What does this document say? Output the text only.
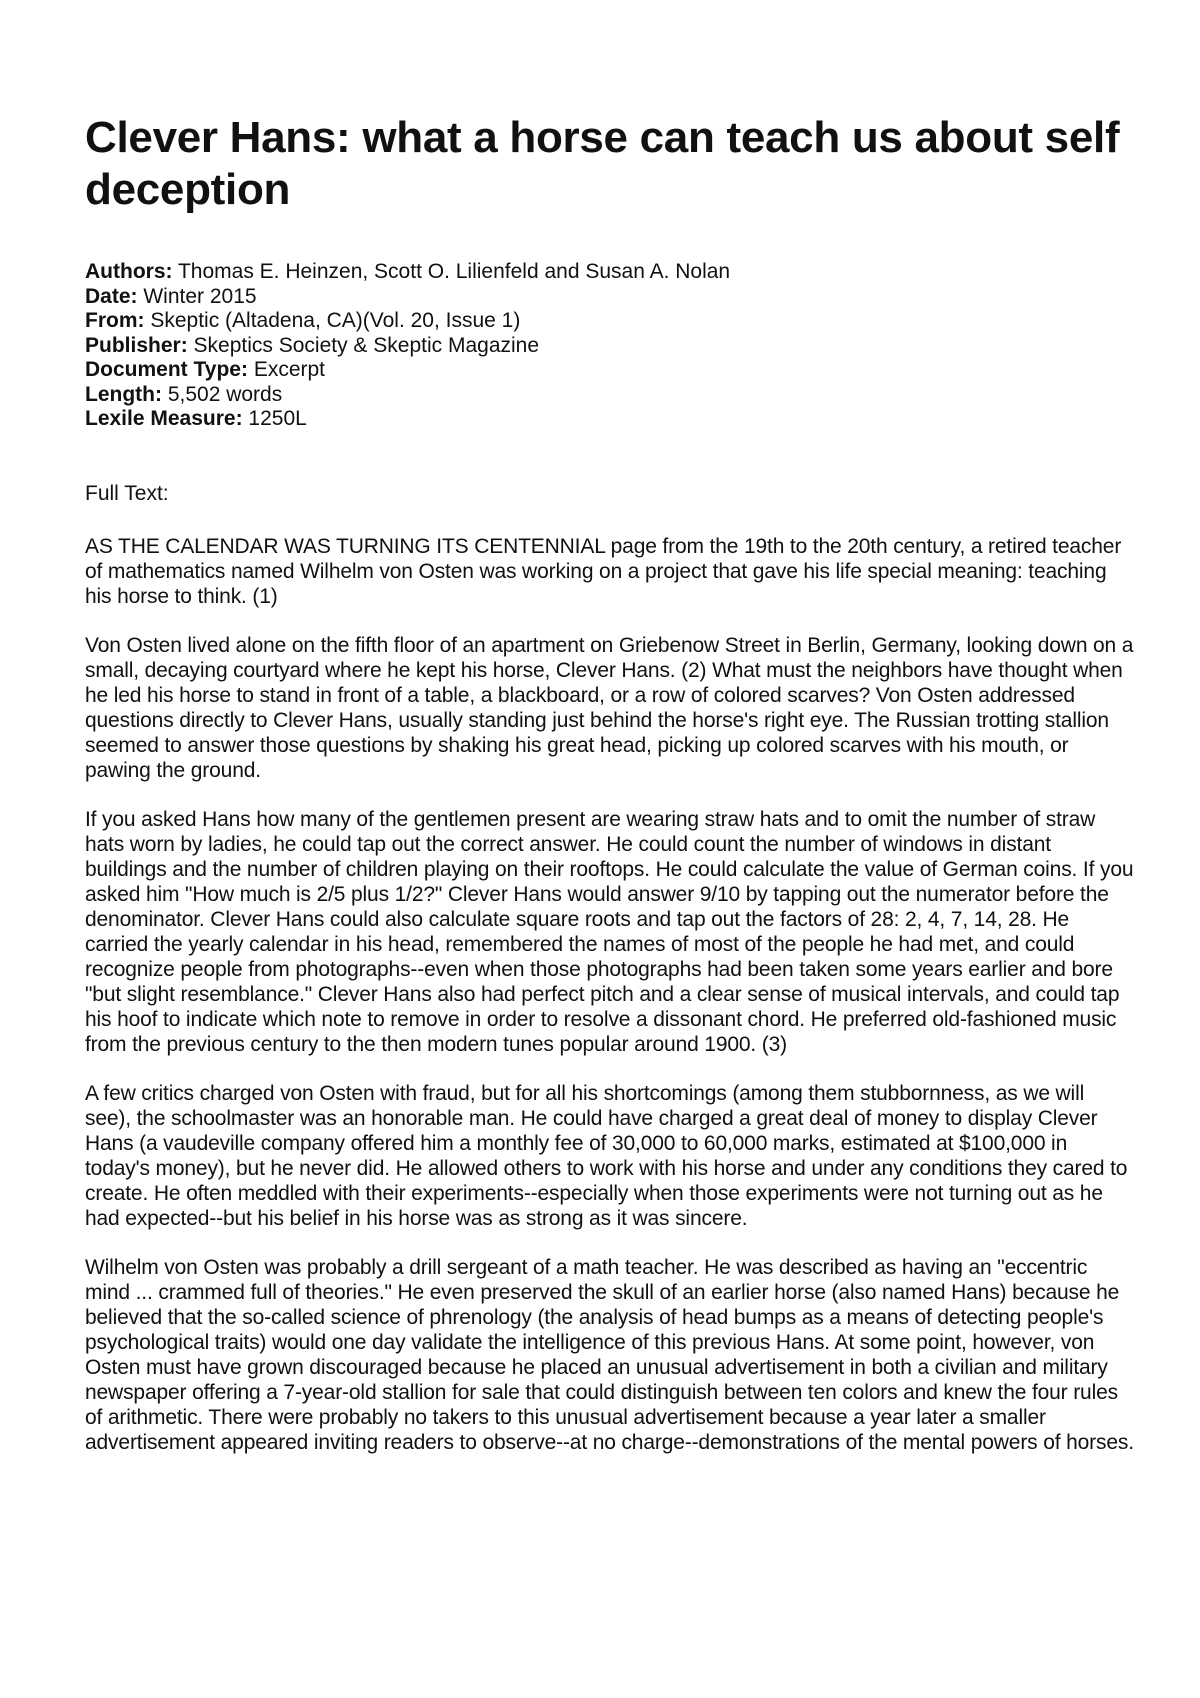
Clever Hans: what a horse can teach us about self deception
Authors: Thomas E. Heinzen, Scott O. Lilienfeld and Susan A. Nolan
Date: Winter 2015
From: Skeptic (Altadena, CA)(Vol. 20, Issue 1)
Publisher: Skeptics Society & Skeptic Magazine
Document Type: Excerpt
Length: 5,502 words
Lexile Measure: 1250L
Full Text:

AS THE CALENDAR WAS TURNING ITS CENTENNIAL page from the 19th to the 20th century, a retired teacher of mathematics named Wilhelm von Osten was working on a project that gave his life special meaning: teaching his horse to think. (1)

Von Osten lived alone on the fifth floor of an apartment on Griebenow Street in Berlin, Germany, looking down on a small, decaying courtyard where he kept his horse, Clever Hans. (2) What must the neighbors have thought when he led his horse to stand in front of a table, a blackboard, or a row of colored scarves? Von Osten addressed questions directly to Clever Hans, usually standing just behind the horse's right eye. The Russian trotting stallion seemed to answer those questions by shaking his great head, picking up colored scarves with his mouth, or pawing the ground.

If you asked Hans how many of the gentlemen present are wearing straw hats and to omit the number of straw hats worn by ladies, he could tap out the correct answer. He could count the number of windows in distant buildings and the number of children playing on their rooftops. He could calculate the value of German coins. If you asked him "How much is 2/5 plus 1/2?" Clever Hans would answer 9/10 by tapping out the numerator before the denominator. Clever Hans could also calculate square roots and tap out the factors of 28: 2, 4, 7, 14, 28. He carried the yearly calendar in his head, remembered the names of most of the people he had met, and could recognize people from photographs--even when those photographs had been taken some years earlier and bore "but slight resemblance." Clever Hans also had perfect pitch and a clear sense of musical intervals, and could tap his hoof to indicate which note to remove in order to resolve a dissonant chord. He preferred old-fashioned music from the previous century to the then modern tunes popular around 1900. (3)

A few critics charged von Osten with fraud, but for all his shortcomings (among them stubbornness, as we will see), the schoolmaster was an honorable man. He could have charged a great deal of money to display Clever Hans (a vaudeville company offered him a monthly fee of 30,000 to 60,000 marks, estimated at $100,000 in today's money), but he never did. He allowed others to work with his horse and under any conditions they cared to create. He often meddled with their experiments--especially when those experiments were not turning out as he had expected--but his belief in his horse was as strong as it was sincere.

Wilhelm von Osten was probably a drill sergeant of a math teacher. He was described as having an "eccentric mind ... crammed full of theories." He even preserved the skull of an earlier horse (also named Hans) because he believed that the so-called science of phrenology (the analysis of head bumps as a means of detecting people's psychological traits) would one day validate the intelligence of this previous Hans. At some point, however, von Osten must have grown discouraged because he placed an unusual advertisement in both a civilian and military newspaper offering a 7-year-old stallion for sale that could distinguish between ten colors and knew the four rules of arithmetic. There were probably no takers to this unusual advertisement because a year later a smaller advertisement appeared inviting readers to observe--at no charge--demonstrations of the mental powers of horses.
